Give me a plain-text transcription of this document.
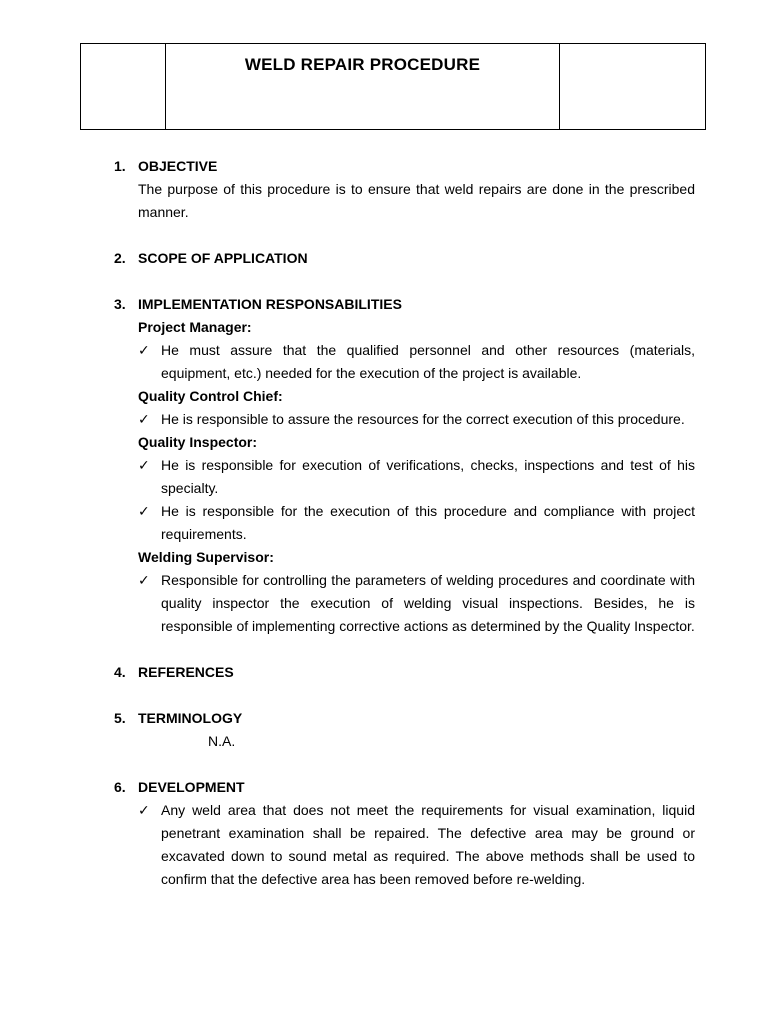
WELD REPAIR PROCEDURE
1. OBJECTIVE
The purpose of this procedure is to ensure that weld repairs are done in the prescribed manner.
2. SCOPE OF APPLICATION
3. IMPLEMENTATION RESPONSABILITIES
Project Manager:
✓ He must assure that the qualified personnel and other resources (materials, equipment, etc.) needed for the execution of the project is available.
Quality Control Chief:
✓ He is responsible to assure the resources for the correct execution of this procedure.
Quality Inspector:
✓ He is responsible for execution of verifications, checks, inspections and test of his specialty.
✓ He is responsible for the execution of this procedure and compliance with project requirements.
Welding Supervisor:
✓ Responsible for controlling the parameters of welding procedures and coordinate with quality inspector the execution of welding visual inspections. Besides, he is responsible of implementing corrective actions as determined by the Quality Inspector.
4. REFERENCES
5. TERMINOLOGY
N.A.
6. DEVELOPMENT
✓ Any weld area that does not meet the requirements for visual examination, liquid penetrant examination shall be repaired. The defective area may be ground or excavated down to sound metal as required. The above methods shall be used to confirm that the defective area has been removed before re-welding.
